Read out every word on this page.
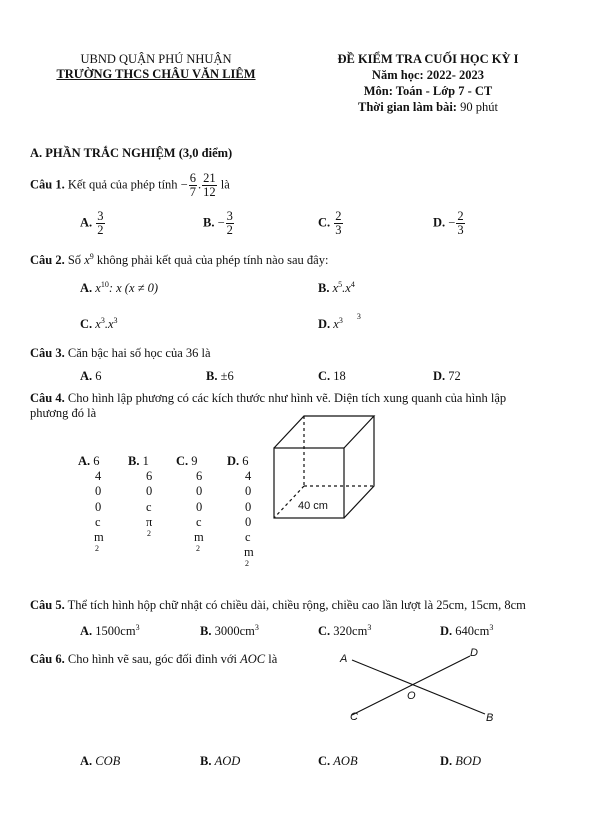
UBND QUẬN PHÚ NHUẬN
TRƯỜNG THCS CHÂU VĂN LIÊM
ĐỀ KIỂM TRA CUỐI HỌC KỲ I
Năm học: 2022- 2023
Môn: Toán - Lớp 7 - CT
Thời gian làm bài: 90 phút
A. PHẦN TRẮC NGHIỆM (3,0 điểm)
Câu 1. Kết quả của phép tính − $\frac{6}{7}$ . $\frac{21}{12}$ là
A. $\frac{3}{2}$	B. − $\frac{3}{2}$	C. $\frac{2}{3}$	D. − $\frac{2}{3}$
Câu 2. Số $x^9$ không phải kết quả của phép tính nào sau đây:
A. $x^{10}$: x (x ≠ 0)	B. $x^5.x^4$
C. $x^3.x^3$	D. $x^3$ $^3$
Câu 3. Căn bậc hai số học của 36 là
A. 6	B. ±6	C. 18	D. 72
Câu 4. Cho hình lập phương có các kích thước như hình vẽ. Diện tích xung quanh của hình lập
phương đó là
A. 6
4
0
0
c
m
2
B. 1
6
0
c
π
2
C. 9
6
0
0
c
m
2
D. 6
4
0
0
0
c
m
2
40 cm
Câu 5. Thể tích hình hộp chữ nhật có chiều dài, chiều rộng, chiều cao lần lượt là 25cm, 15cm, 8cm
A. $1500cm^3$	B. $3000cm^3$	C. $320cm^3$	D. $640cm^3$
Câu 6. Cho hình vẽ sau, góc đối đỉnh với AOC là	A	D
O
C	B
A. COB	B. AOD	C. AOB	D. BOD
